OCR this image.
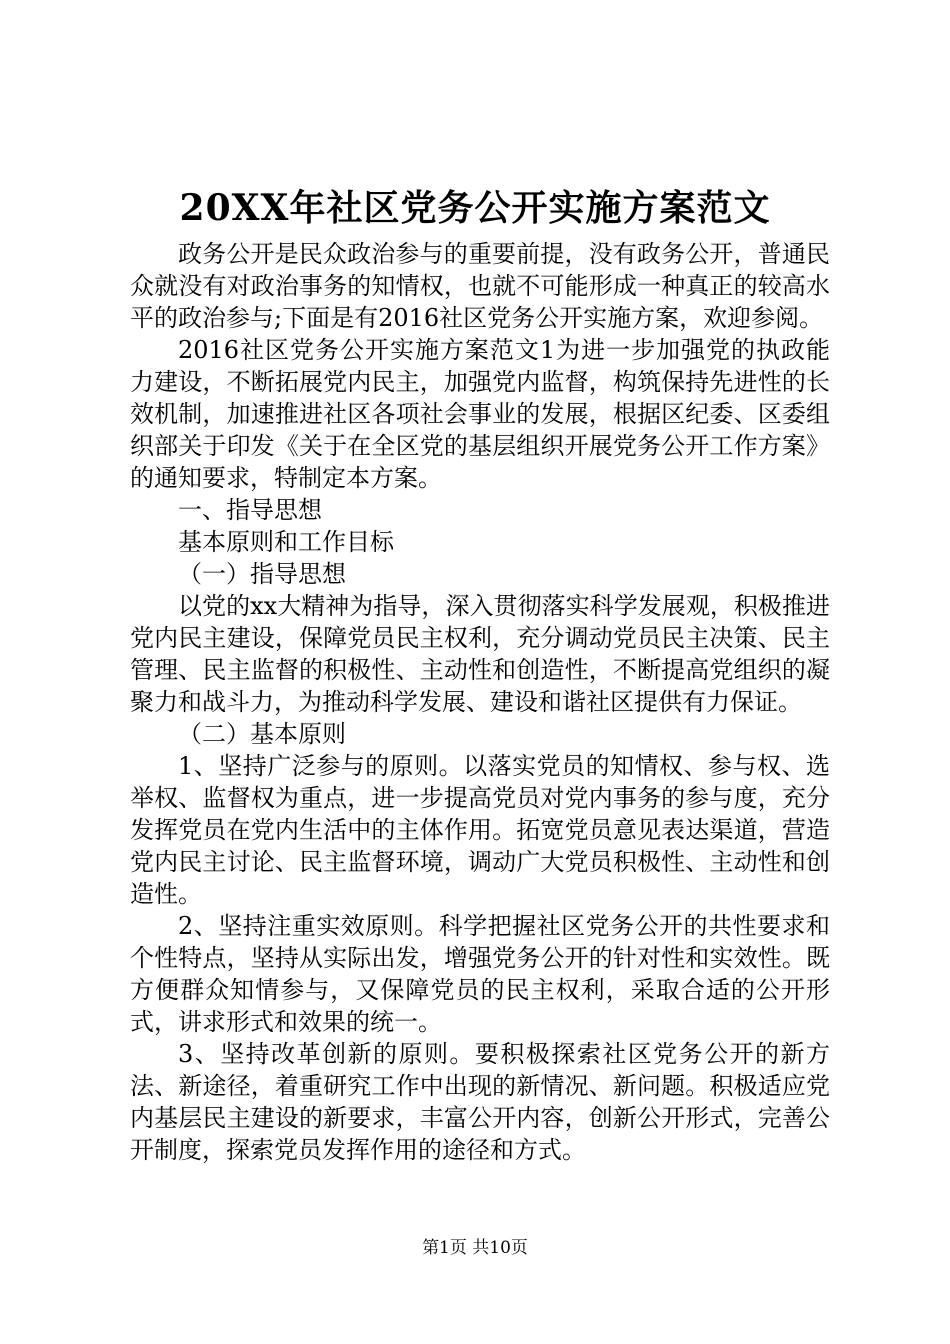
20XX年社区党务公开实施方案范文

政务公开是民众政治参与的重要前提，没有政务公开，普通民众就没有对政治事务的知情权，也就不可能形成一种真正的较高水平的政治参与;下面是有2016社区党务公开实施方案，欢迎参阅。

2016社区党务公开实施方案范文1为进一步加强党的执政能力建设，不断拓展党内民主，加强党内监督，构筑保持先进性的长效机制，加速推进社区各项社会事业的发展，根据区纪委、区委组织部关于印发《关于在全区党的基层组织开展党务公开工作方案》的通知要求，特制定本方案。

一、指导思想

基本原则和工作目标

（一）指导思想

以党的xx大精神为指导，深入贯彻落实科学发展观，积极推进党内民主建设，保障党员民主权利，充分调动党员民主决策、民主管理、民主监督的积极性、主动性和创造性，不断提高党组织的凝聚力和战斗力，为推动科学发展、建设和谐社区提供有力保证。

（二）基本原则

1、坚持广泛参与的原则。以落实党员的知情权、参与权、选举权、监督权为重点，进一步提高党员对党内事务的参与度，充分发挥党员在党内生活中的主体作用。拓宽党员意见表达渠道，营造党内民主讨论、民主监督环境，调动广大党员积极性、主动性和创造性。

2、坚持注重实效原则。科学把握社区党务公开的共性要求和个性特点，坚持从实际出发，增强党务公开的针对性和实效性。既方便群众知情参与，又保障党员的民主权利，采取合适的公开形式，讲求形式和效果的统一。

3、坚持改革创新的原则。要积极探索社区党务公开的新方法、新途径，着重研究工作中出现的新情况、新问题。积极适应党内基层民主建设的新要求，丰富公开内容，创新公开形式，完善公开制度，探索党员发挥作用的途径和方式。

第1页 共10页
